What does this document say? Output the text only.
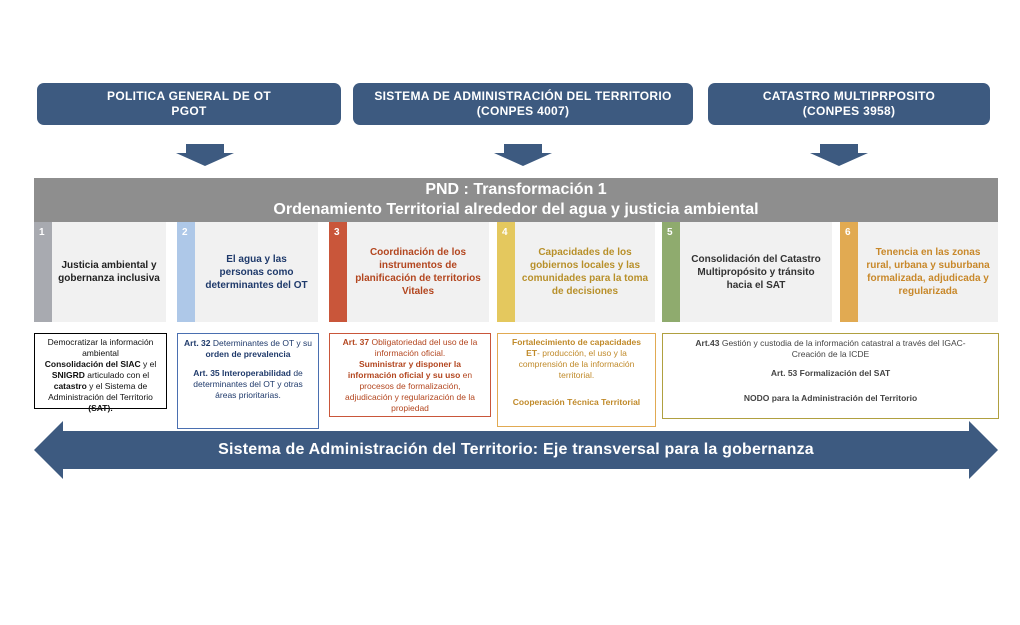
POLITICA GENERAL DE OT
PGOT
SISTEMA DE ADMINISTRACIÓN DEL TERRITORIO
(CONPES 4007)
CATASTRO MULTIPRPOSITO
(CONPES 3958)
PND : Transformación 1
Ordenamiento Territorial alrededor del agua y justicia ambiental
1
Justicia ambiental y gobernanza inclusiva
2
El agua y las personas como determinantes del OT
3
Coordinación de los instrumentos de planificación de territorios Vitales
4
Capacidades de los gobiernos locales y las comunidades para la toma de decisiones
5
Consolidación del Catastro Multipropósito y tránsito hacia el SAT
6
Tenencia en las zonas rural, urbana y suburbana formalizada, adjudicada y regularizada

Democratizar la información ambiental

Consolidación del SIAC y el SNIGRD articulado con el catastro y el Sistema de Administración del Territorio (SAT).

Art. 32 Determinantes de OT y su orden de prevalencia

Art. 35 Interoperabilidad de determinantes del OT y otras áreas prioritarias.

Art. 37 Obligatoriedad del uso de la información oficial.

Suministrar y disponer la información oficial y su uso en procesos de formalización, adjudicación y regularización de la propiedad

Fortalecimiento de capacidades ET- producción, el uso y la comprensión de la información territorial.

Cooperación Técnica Territorial

Art.43 Gestión y custodia de la información catastral a través del IGAC- Creación de la ICDE

Art. 53 Formalización del SAT

NODO para la Administración del Territorio

Sistema de Administración del Territorio: Eje transversal para la gobernanza
